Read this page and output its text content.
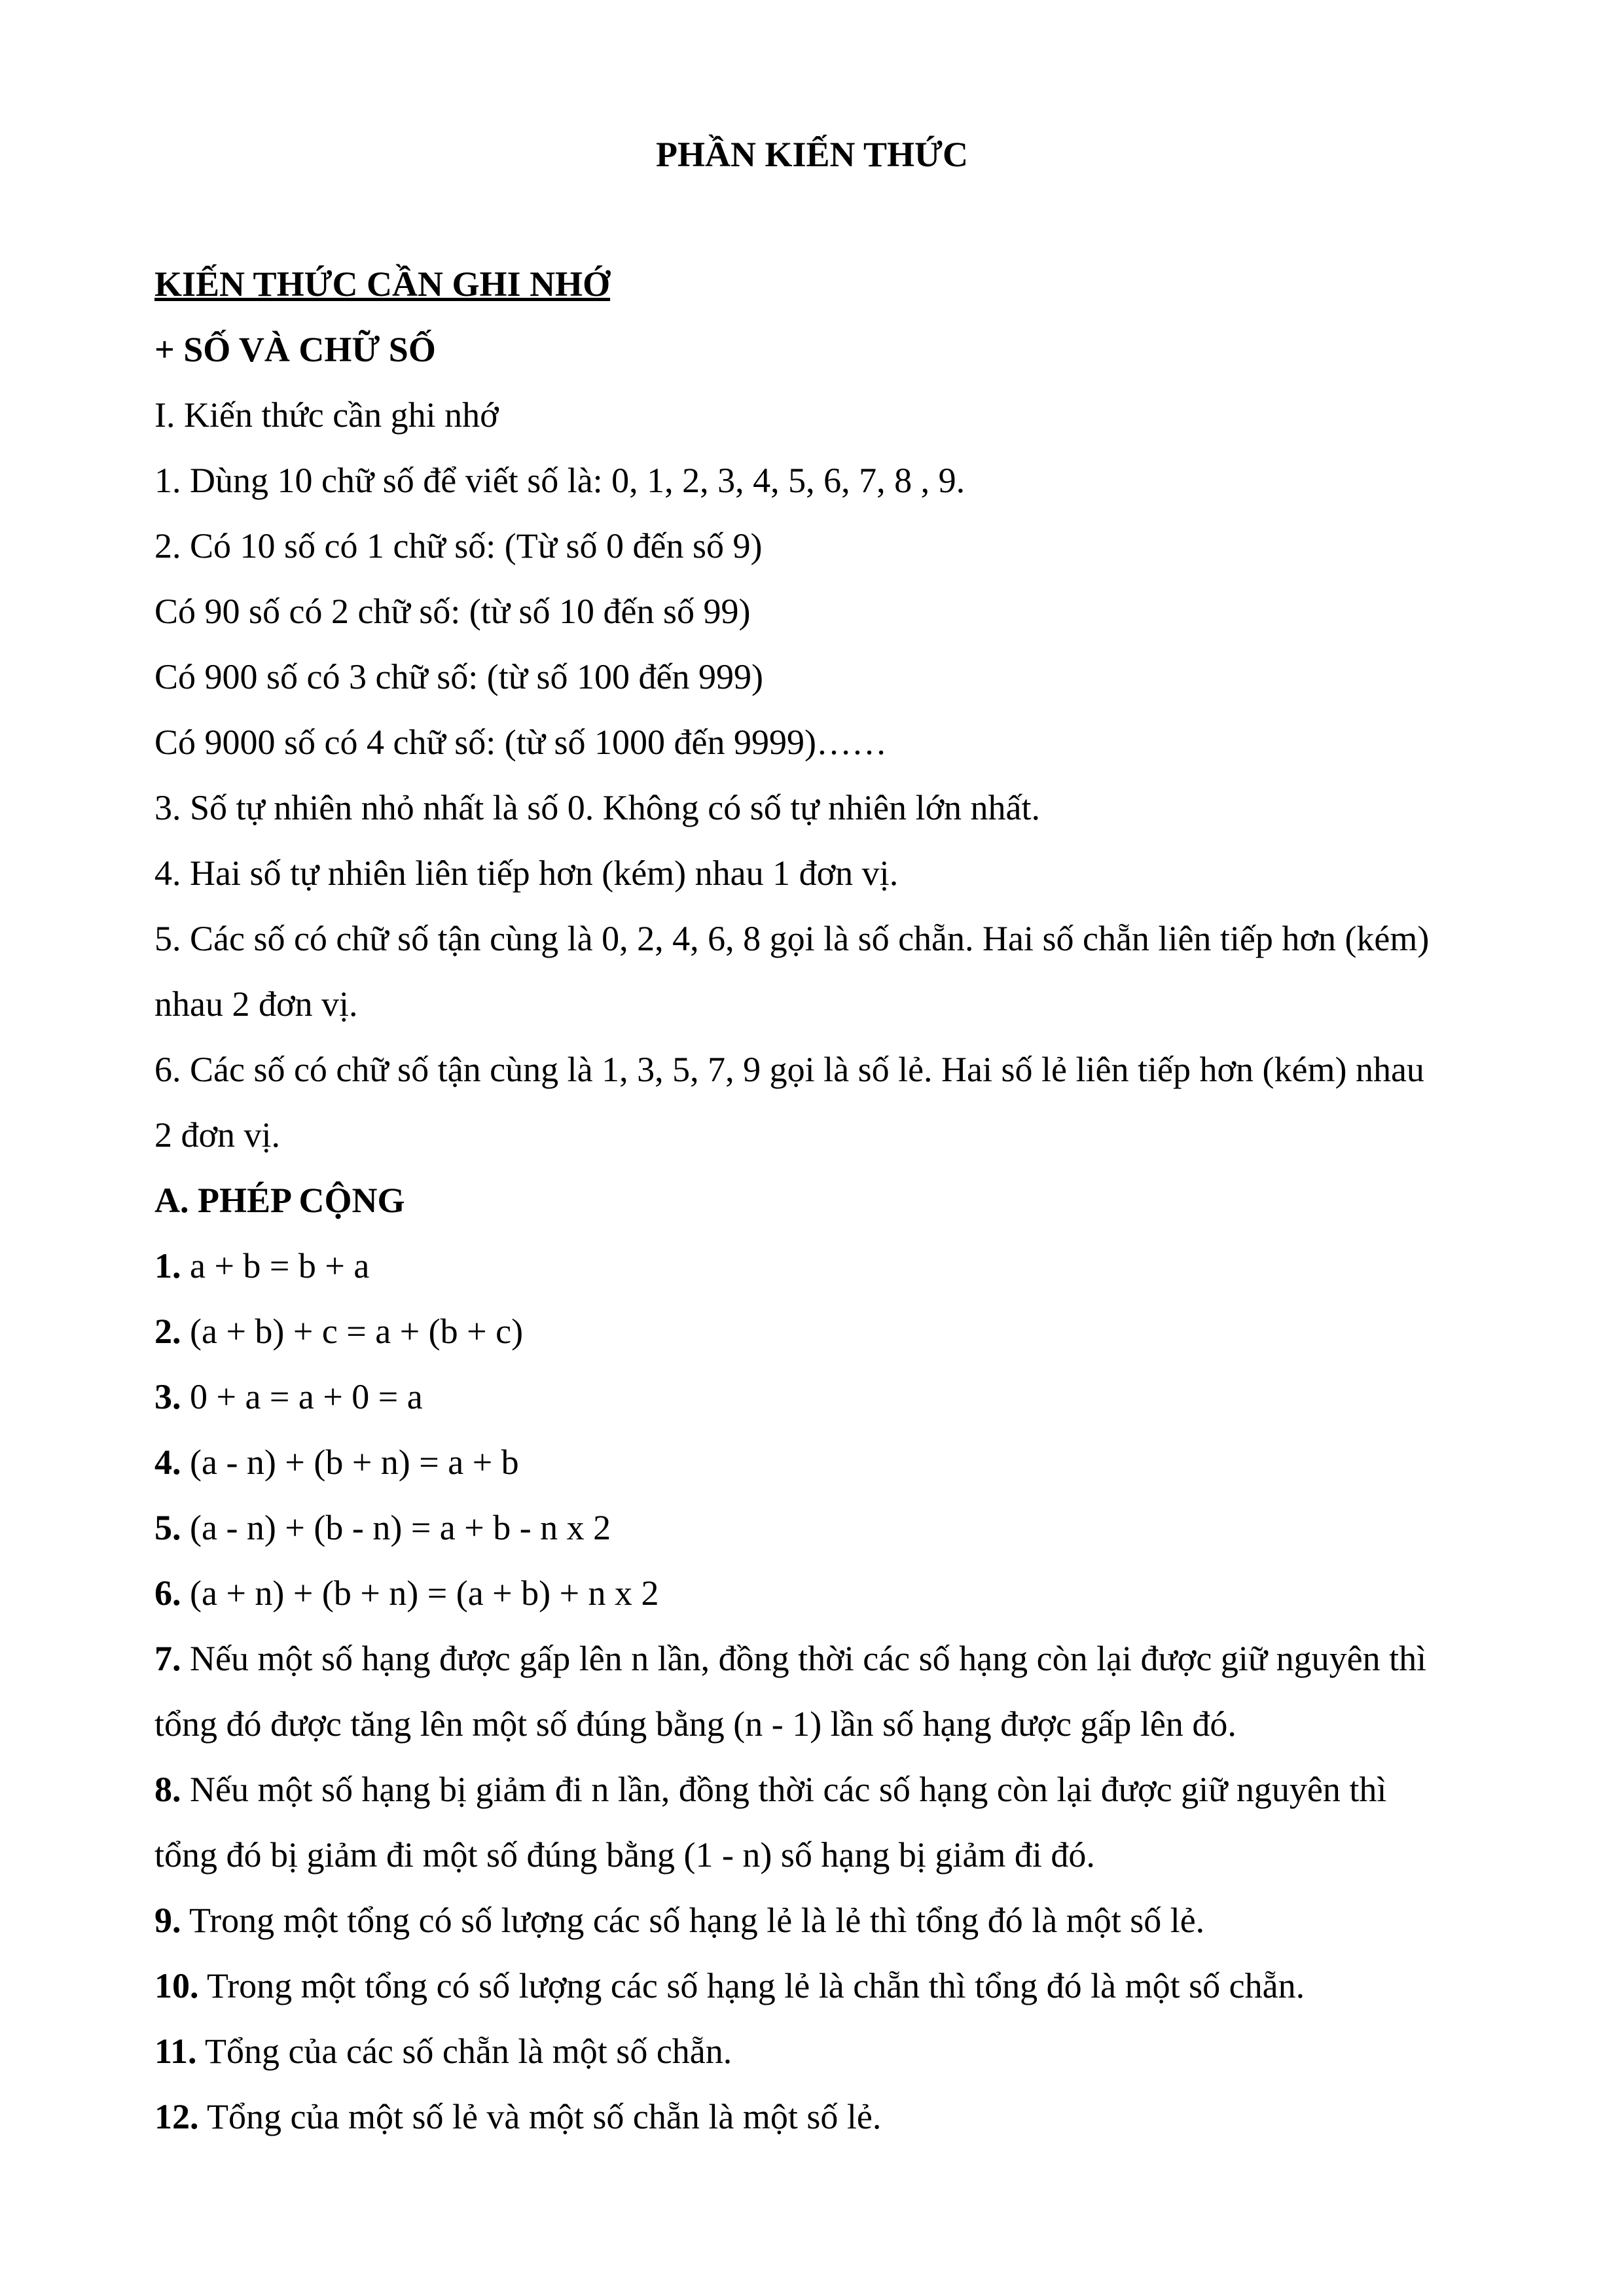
PHẦN KIẾN THỨC
KIẾN THỨC CẦN GHI NHỚ
+ SỐ VÀ CHỮ SỐ
I. Kiến thức cần ghi nhớ
1. Dùng 10 chữ số để viết số là: 0, 1, 2, 3, 4, 5, 6, 7, 8 , 9.
2. Có 10 số có 1 chữ số: (Từ số 0 đến số 9)
Có 90 số có 2 chữ số: (từ số 10 đến số 99)
Có 900 số có 3 chữ số: (từ số 100 đến 999)
Có 9000 số có 4 chữ số: (từ số 1000 đến 9999)……
3. Số tự nhiên nhỏ nhất là số 0. Không có số tự nhiên lớn nhất.
4. Hai số tự nhiên liên tiếp hơn (kém) nhau 1 đơn vị.
5. Các số có chữ số tận cùng là 0, 2, 4, 6, 8 gọi là số chẵn. Hai số chẵn liên tiếp hơn (kém)
nhau 2 đơn vị.
6. Các số có chữ số tận cùng là 1, 3, 5, 7, 9 gọi là số lẻ. Hai số lẻ liên tiếp hơn (kém) nhau
2 đơn vị.
A. PHÉP CỘNG
1. a + b = b + a
2. (a + b) + c = a + (b + c)
3. 0 + a = a + 0 = a
4. (a - n) + (b + n) = a + b
5. (a - n) + (b - n) = a + b - n x 2
6. (a + n) + (b + n) = (a + b) + n x 2
7. Nếu một số hạng được gấp lên n lần, đồng thời các số hạng còn lại được giữ nguyên thì
tổng đó được tăng lên một số đúng bằng (n - 1) lần số hạng được gấp lên đó.
8. Nếu một số hạng bị giảm đi n lần, đồng thời các số hạng còn lại được giữ nguyên thì
tổng đó bị giảm đi một số đúng bằng (1 - n) số hạng bị giảm đi đó.
9. Trong một tổng có số lượng các số hạng lẻ là lẻ thì tổng đó là một số lẻ.
10. Trong một tổng có số lượng các số hạng lẻ là chẵn thì tổng đó là một số chẵn.
11. Tổng của các số chẵn là một số chẵn.
12. Tổng của một số lẻ và một số chẵn là một số lẻ.
